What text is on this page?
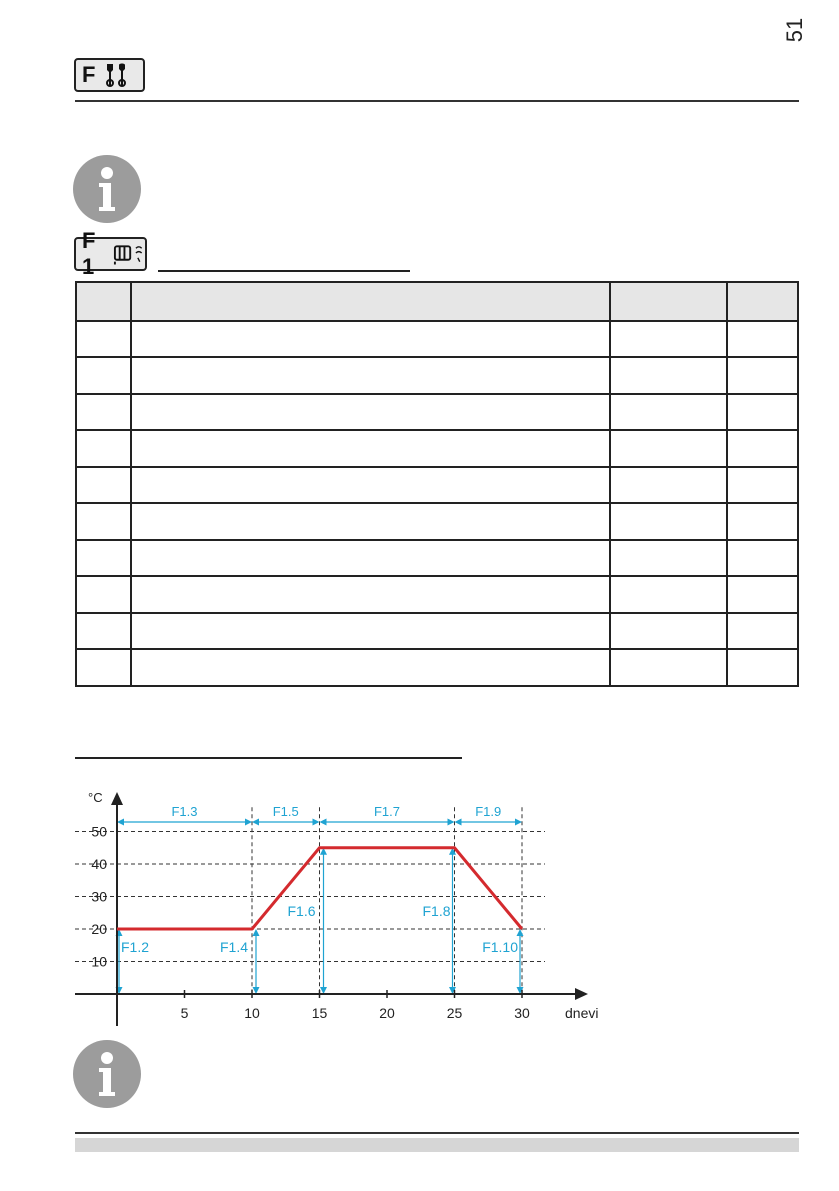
51
F
F 1

°C
dnevi
10
20
30
40
50
5	10	15	20	25	30
F1.3	F1.5	F1.7	F1.9
F1.2	F1.4
F1.6	F1.8
F1.10
